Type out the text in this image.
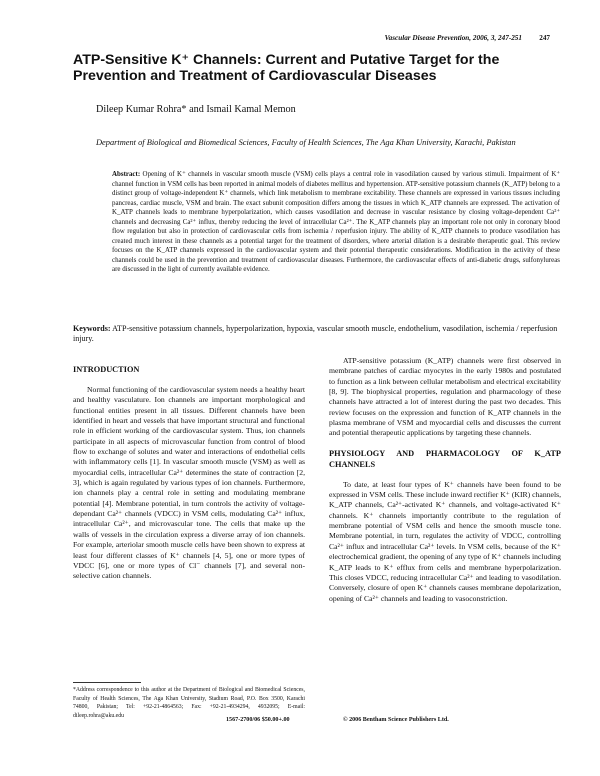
Vascular Disease Prevention, 2006, 3, 247-251 247
ATP-Sensitive K⁺ Channels: Current and Putative Target for the Prevention and Treatment of Cardiovascular Diseases
Dileep Kumar Rohra* and Ismail Kamal Memon
Department of Biological and Biomedical Sciences, Faculty of Health Sciences, The Aga Khan University, Karachi, Pakistan

Abstract: Opening of K⁺ channels in vascular smooth muscle (VSM) cells plays a central role in vasodilation caused by various stimuli. Impairment of K⁺ channel function in VSM cells has been reported in animal models of diabetes mellitus and hypertension. ATP-sensitive potassium channels (K_ATP) belong to a distinct group of voltage-independent K⁺ channels, which link metabolism to membrane excitability. These channels are expressed in various tissues including pancreas, cardiac muscle, VSM and brain. The exact subunit composition differs among the tissues in which K_ATP channels are expressed. The activation of K_ATP channels leads to membrane hyperpolarization, which causes vasodilation and decrease in vascular resistance by closing voltage-dependent Ca²⁺ channels and decreasing Ca²⁺ influx, thereby reducing the level of intracellular Ca²⁺. The K_ATP channels play an important role not only in coronary blood flow regulation but also in protection of cardiovascular cells from ischemia / reperfusion injury. The ability of K_ATP channels to produce vasodilation has created much interest in these channels as a potential target for the treatment of disorders, where arterial dilation is a desirable therapeutic goal. This review focuses on the K_ATP channels expressed in the cardiovascular system and their potential therapeutic considerations. Modification in the activity of these channels could be used in the prevention and treatment of cardiovascular diseases. Furthermore, the cardiovascular effects of anti-diabetic drugs, sulfonylureas are discussed in the light of currently available evidence.

Keywords: ATP-sensitive potassium channels, hyperpolarization, hypoxia, vascular smooth muscle, endothelium, vasodilation, ischemia / reperfusion injury.

INTRODUCTION

Normal functioning of the cardiovascular system needs a healthy heart and healthy vasculature. Ion channels are important morphological and functional entities present in all tissues. Different channels have been identified in heart and vessels that have important structural and functional role in efficient working of the cardiovascular system. Thus, ion channels participate in all aspects of microvascular function from control of blood flow to exchange of solutes and water and interactions of endothelial cells with inflammatory cells [1]. In vascular smooth muscle (VSM) as well as myocardial cells, intracellular Ca²⁺ determines the state of contraction [2, 3], which is again regulated by various types of ion channels. Furthermore, ion channels play a central role in setting and modulating membrane potential [4]. Membrane potential, in turn controls the activity of voltage-dependant Ca²⁺ channels (VDCC) in VSM cells, modulating Ca²⁺ influx, intracellular Ca²⁺, and microvascular tone. The cells that make up the walls of vessels in the circulation express a diverse array of ion channels. For example, arteriolar smooth muscle cells have been shown to express at least four different classes of K⁺ channels [4, 5], one or more types of VDCC [6], one or more types of Cl⁻ channels [7], and several non-selective cation channels.

ATP-sensitive potassium (K_ATP) channels were first observed in membrane patches of cardiac myocytes in the early 1980s and postulated to function as a link between cellular metabolism and electrical excitability [8, 9]. The biophysical properties, regulation and pharmacology of these channels have attracted a lot of interest during the past two decades. This review focuses on the expression and function of K_ATP channels in the plasma membrane of VSM and myocardial cells and discusses the current and potential therapeutic applications by targeting these channels.

PHYSIOLOGY AND PHARMACOLOGY OF K_ATP CHANNELS

To date, at least four types of K⁺ channels have been found to be expressed in VSM cells. These include inward rectifier K⁺ (KIR) channels, K_ATP channels, Ca²⁺-activated K⁺ channels, and voltage-activated K⁺ channels. K⁺ channels importantly contribute to the regulation of membrane potential of VSM cells and hence the smooth muscle tone. Membrane potential, in turn, regulates the activity of VDCC, controlling Ca²⁺ influx and intracellular Ca²⁺ levels. In VSM cells, because of the K⁺ electrochemical gradient, the opening of any type of K⁺ channels including K_ATP leads to K⁺ efflux from cells and membrane hyperpolarization. This closes VDCC, reducing intracellular Ca²⁺ and leading to vasodilation. Conversely, closure of open K⁺ channels causes membrane depolarization, opening of Ca²⁺ channels and leading to vasoconstriction.

*Address correspondence to this author at the Department of Biological and Biomedical Sciences, Faculty of Health Sciences, The Aga Khan University, Stadium Road, P.O. Box 3500, Karachi 74800, Pakistan; Tel: +92-21-4864563; Fax: +92-21-4934294, 4932095; E-mail: dileep.rohra@aku.edu

1567-2700/06 $50.00+.00	© 2006 Bentham Science Publishers Ltd.
